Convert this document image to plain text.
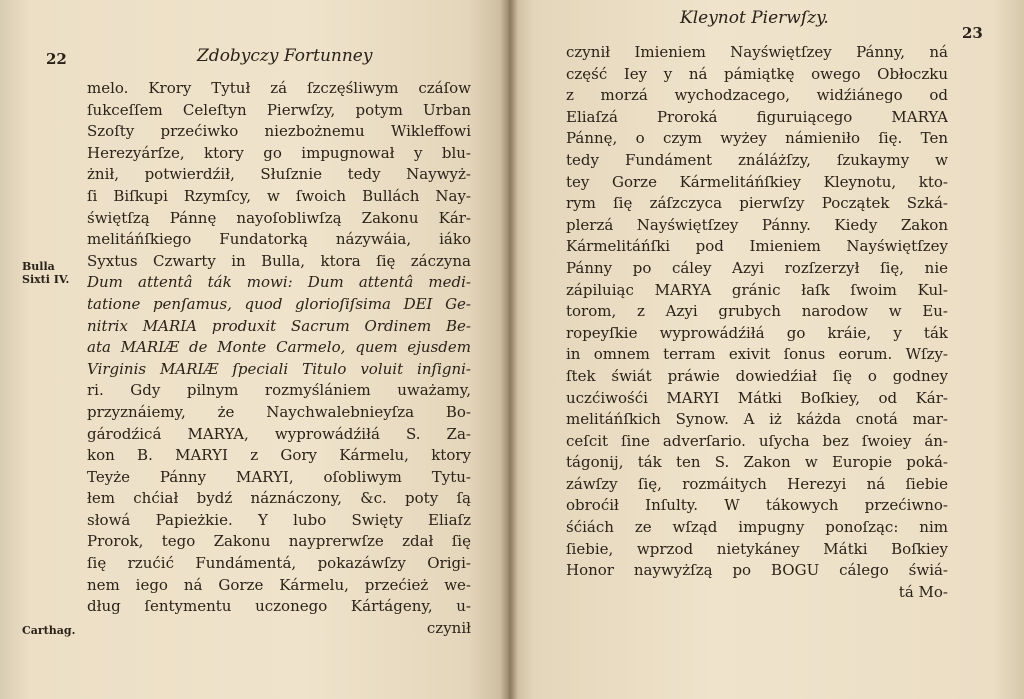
22	Zdobyczy Fortunney
Bulla Sixti IV.
Carthag.
melo. Krory Tytuł zá ſzczęśliwym czáſow
ſukceſſem Celeſtyn Pierwſzy, potym Urban
Szoſty przećiwko niezbożnemu Wikleffowi
Herezyárſze, ktory go impugnował y blu-
żnił, potwierdźił, Słuſznie tedy Naywyż-
ſi Biſkupi Rzymſcy, w ſwoich Bullách Nay-
świętſzą Pánnę nayoſobliwſzą Zakonu Kár-
melitáńſkiego Fundatorką názywáia, iáko
Syxtus Czwarty in Bulla, ktora ſię záczyna
Dum attentâ ták mowi: Dum attentâ medi-
tatione penſamus, quod glorioſiſsima DEI Ge-
nitrix MARIA produxit Sacrum Ordinem Be-
ata MARIÆ de Monte Carmelo, quem ejusdem
Virginis MARIÆ ſpeciali Titulo voluit inſigni-
ri. Gdy pilnym rozmyślániem uważamy,
przyznáiemy, że Naychwalebnieyſza Bo-
gárodźicá MARYA, wyprowádźiłá S. Za-
kon B. MARYI z Gory Kármelu, ktory
Teyże Pánny MARYI, oſobliwym Tytu-
łem chćiał bydź náznáczony, &c. poty ſą
słowá Papieżkie. Y lubo Swięty Eliaſz
Prorok, tego Zakonu nayprerwſze zdał ſię
ſię rzućić Fundámentá, pokazáwſzy Origi-
nem iego ná Gorze Kármelu, przećież we-
dług ſentymentu uczonego Kártágeny, u-
czynił
Kleynot Pierwſzy.
23
czynił Imieniem Nayświętſzey Pánny, ná
część Iey y ná pámiątkę owego Obłoczku
z morzá wychodzacego, widźiánego od
Eliaſzá Proroká figuruiącego MARYA
Pánnę, o czym wyżey námieniło ſię. Ten
tedy Fundáment ználáżſzy, ſzukaymy w
tey Gorze Kármelitáńſkiey Kleynotu, kto-
rym ſię záſzczyca pierwſzy Początek Szká-
plerzá Nayświętſzey Pánny. Kiedy Zakon
Kármelitáńſki pod Imieniem Nayświętſzey
Pánny po cáley Azyi rozſzerzył ſię, nie
zápiluiąc MARYA gránic łaſk ſwoim Kul-
torom, z Azyi grubych narodow w Eu-
ropeyſkie wyprowádźiłá go kráie, y ták
in omnem terram exivit ſonus eorum. Wſzy-
ſtek świát práwie dowiedźiał ſię o godney
uczćiwośći MARYI Mátki Boſkiey, od Kár-
melitáńſkich Synow. A iż káżda cnotá mar-
ceſcit ſine adverſario. uſycha bez ſwoiey án-
tágonij, ták ten S. Zakon w Europie poká-
záwſzy ſię, rozmáitych Herezyi ná ſiebie
obroćił Inſulty. W tákowych przećiwno-
śćiách ze wſząd impugny ponoſząc: nim
ſiebie, wprzod nietykáney Mátki Boſkiey
Honor naywyżſzą po BOGU cálego świá-
tá Mo-
